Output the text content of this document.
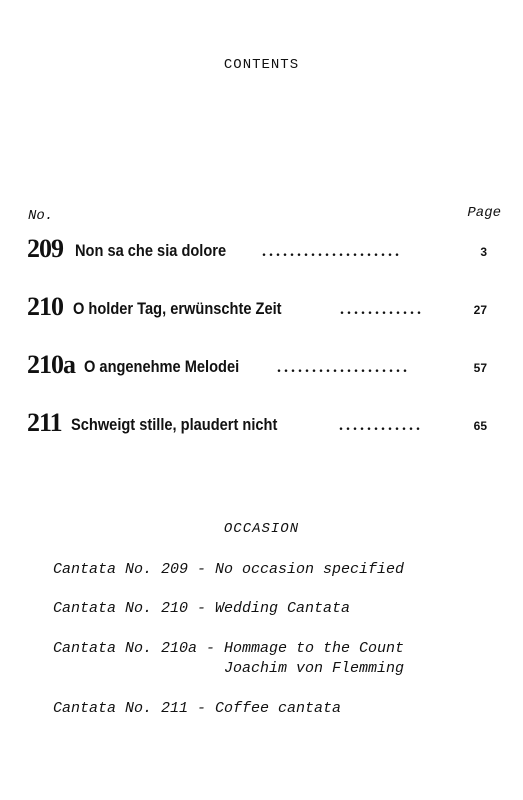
CONTENTS
No.	Page
209 Non sa che sia dolore ....................	3
210 O holder Tag, erwünschte Zeit	............	27
210a O angenehme Melodei ...................	57
211 Schweigt stille, plaudert nicht	............	65
OCCASION
Cantata No. 209 - No occasion specified
Cantata No. 210 - Wedding Cantata
Cantata No. 210a - Hommage to the Count
Joachim von Flemming
Cantata No. 211 - Coffee cantata
